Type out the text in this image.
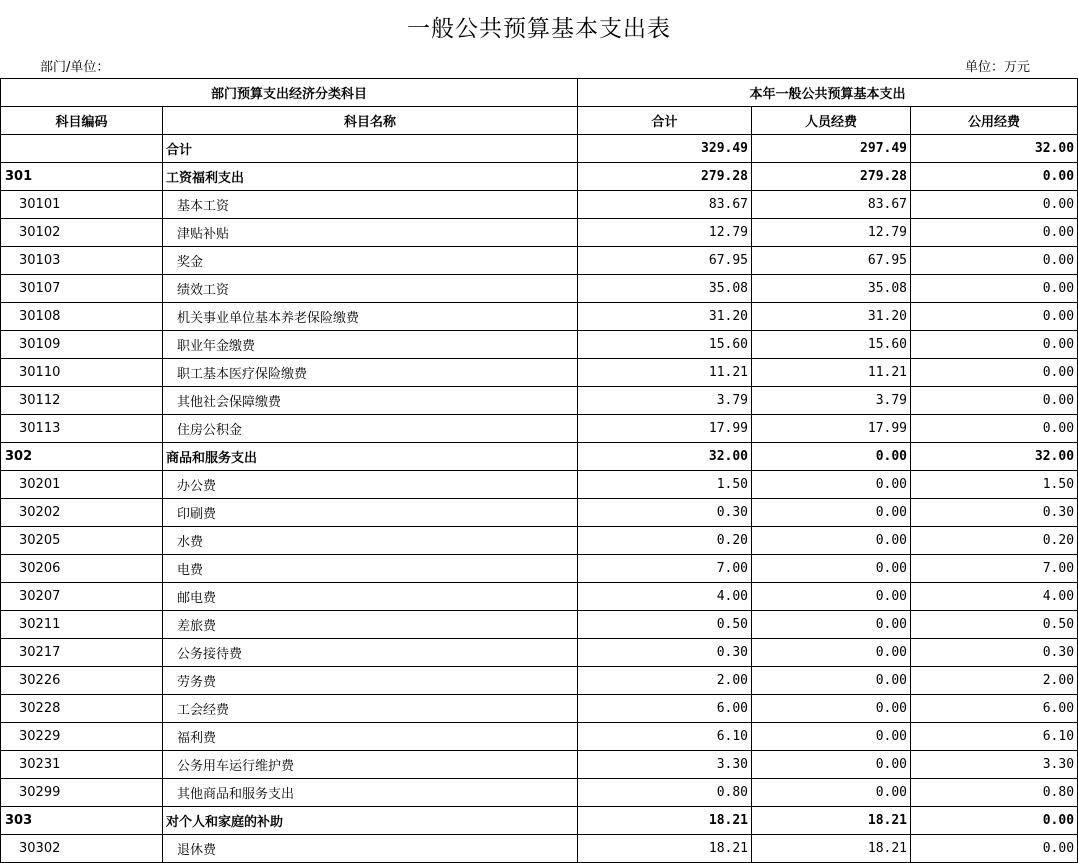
一般公共预算基本支出表
部门/单位：	单位：万元
部门预算支出经济分类科目		本年一般公共预算基本支出		
科目编码	科目名称	合计	人员经费	公用经费
	合计	329.49	297.49	32.00
301	工资福利支出	279.28	279.28	0.00
30101	基本工资	83.67	83.67	0.00
30102	津贴补贴	12.79	12.79	0.00
30103	奖金	67.95	67.95	0.00
30107	绩效工资	35.08	35.08	0.00
30108	机关事业单位基本养老保险缴费	31.20	31.20	0.00
30109	职业年金缴费	15.60	15.60	0.00
30110	职工基本医疗保险缴费	11.21	11.21	0.00
30112	其他社会保障缴费	3.79	3.79	0.00
30113	住房公积金	17.99	17.99	0.00
302	商品和服务支出	32.00	0.00	32.00
30201	办公费	1.50	0.00	1.50
30202	印刷费	0.30	0.00	0.30
30205	水费	0.20	0.00	0.20
30206	电费	7.00	0.00	7.00
30207	邮电费	4.00	0.00	4.00
30211	差旅费	0.50	0.00	0.50
30217	公务接待费	0.30	0.00	0.30
30226	劳务费	2.00	0.00	2.00
30228	工会经费	6.00	0.00	6.00
30229	福利费	6.10	0.00	6.10
30231	公务用车运行维护费	3.30	0.00	3.30
30299	其他商品和服务支出	0.80	0.00	0.80
303	对个人和家庭的补助	18.21	18.21	0.00
30302	退休费	18.21	18.21	0.00
